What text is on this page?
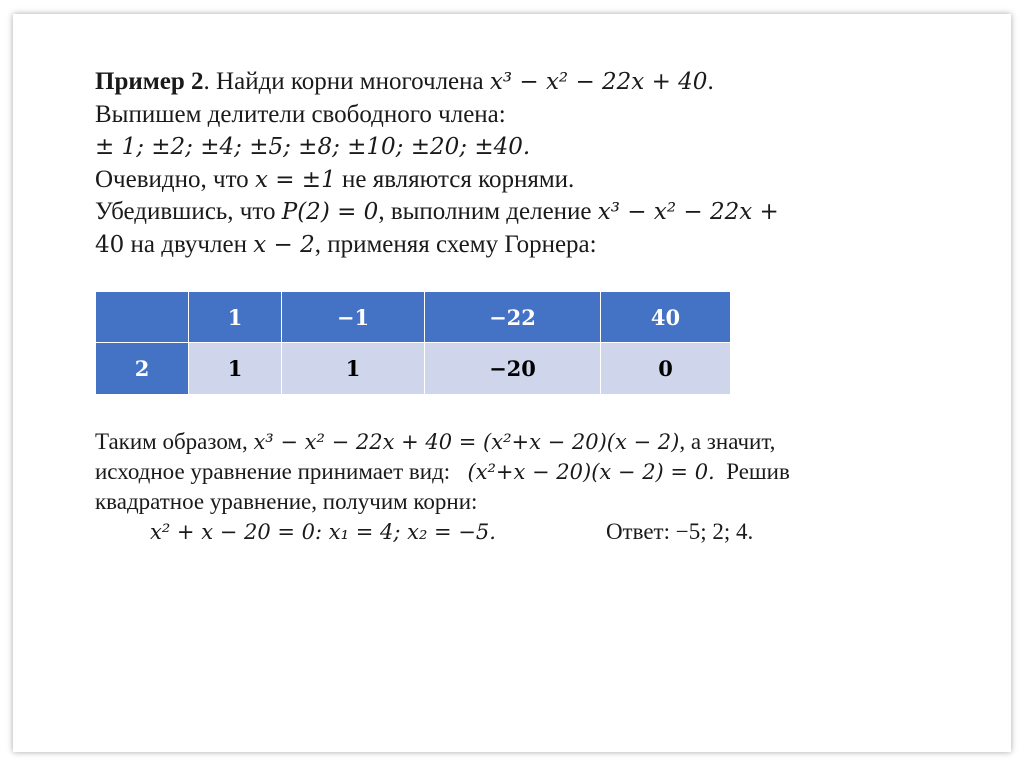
Пример 2. Найди корни многочлена x³ − x² − 22x + 40.
Выпишем делители свободного члена:
± 1; ±2; ±4; ±5; ±8; ±10; ±20; ±40.
Очевидно, что x = ±1 не являются корнями.
Убедившись, что P(2) = 0, выполним деление x³ − x² − 22x +
40 на двучлен x − 2, применяя схему Горнера:
	1	−1	−22	40
2	1	1	−20	0
Таким образом, x³ − x² − 22x + 40 = (x²+x − 20)(x − 2), а значит,
исходное уравнение принимает вид: (x²+x − 20)(x − 2) = 0. Решив
квадратное уравнение, получим корни:
x² + x − 20 = 0: x₁ = 4; x₂ = −5.	Ответ: −5; 2; 4.
